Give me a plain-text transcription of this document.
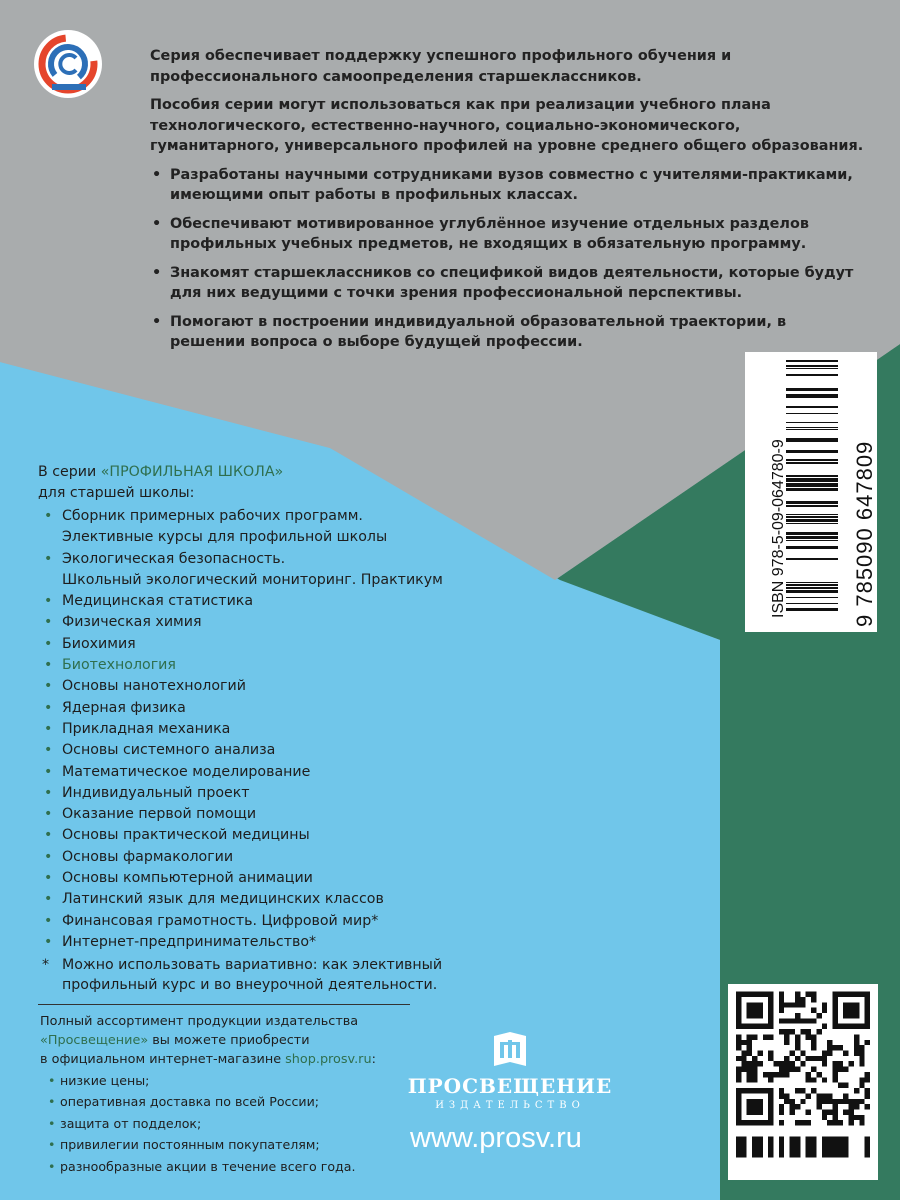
Серия обеспечивает поддержку успешного профильного обучения и профессионального самоопределения старшеклассников.

Пособия серии могут использоваться как при реализации учебного плана технологического, естественно-научного, социально-экономического, гуманитарного, универсального профилей на уровне среднего общего образования.

• Разработаны научными сотрудниками вузов совместно с учителями-практиками, имеющими опыт работы в профильных классах.
• Обеспечивают мотивированное углублённое изучение отдельных разделов профильных учебных предметов, не входящих в обязательную программу.
• Знакомят старшеклассников со спецификой видов деятельности, которые будут для них ведущими с точки зрения профессиональной перспективы.
• Помогают в построении индивидуальной образовательной траектории, в решении вопроса о выборе будущей профессии.
ISBN 978-5-09-064780-9	9 785090 647809
В серии «ПРОФИЛЬНАЯ ШКОЛА»
для старшей школы:
• Сборник примерных рабочих программ.
Элективные курсы для профильной школы
• Экологическая безопасность.
Школьный экологический мониторинг. Практикум
• Медицинская статистика
• Физическая химия
• Биохимия
• Биотехнология
• Основы нанотехнологий
• Ядерная физика
• Прикладная механика
• Основы системного анализа
• Математическое моделирование
• Индивидуальный проект
• Оказание первой помощи
• Основы практической медицины
• Основы фармакологии
• Основы компьютерной анимации
• Латинский язык для медицинских классов
• Финансовая грамотность. Цифровой мир*
• Интернет-предпринимательство*
* Можно использовать вариативно: как элективный профильный курс и во внеурочной деятельности.
Полный ассортимент продукции издательства
«Просвещение» вы можете приобрести
в официальном интернет-магазине shop.prosv.ru:
• низкие цены;
• оперативная доставка по всей России;
• защита от подделок;
• привилегии постоянным покупателям;
• разнообразные акции в течение всего года.
ПРОСВЕЩЕНИЕ
ИЗДАТЕЛЬСТВО
www.prosv.ru
